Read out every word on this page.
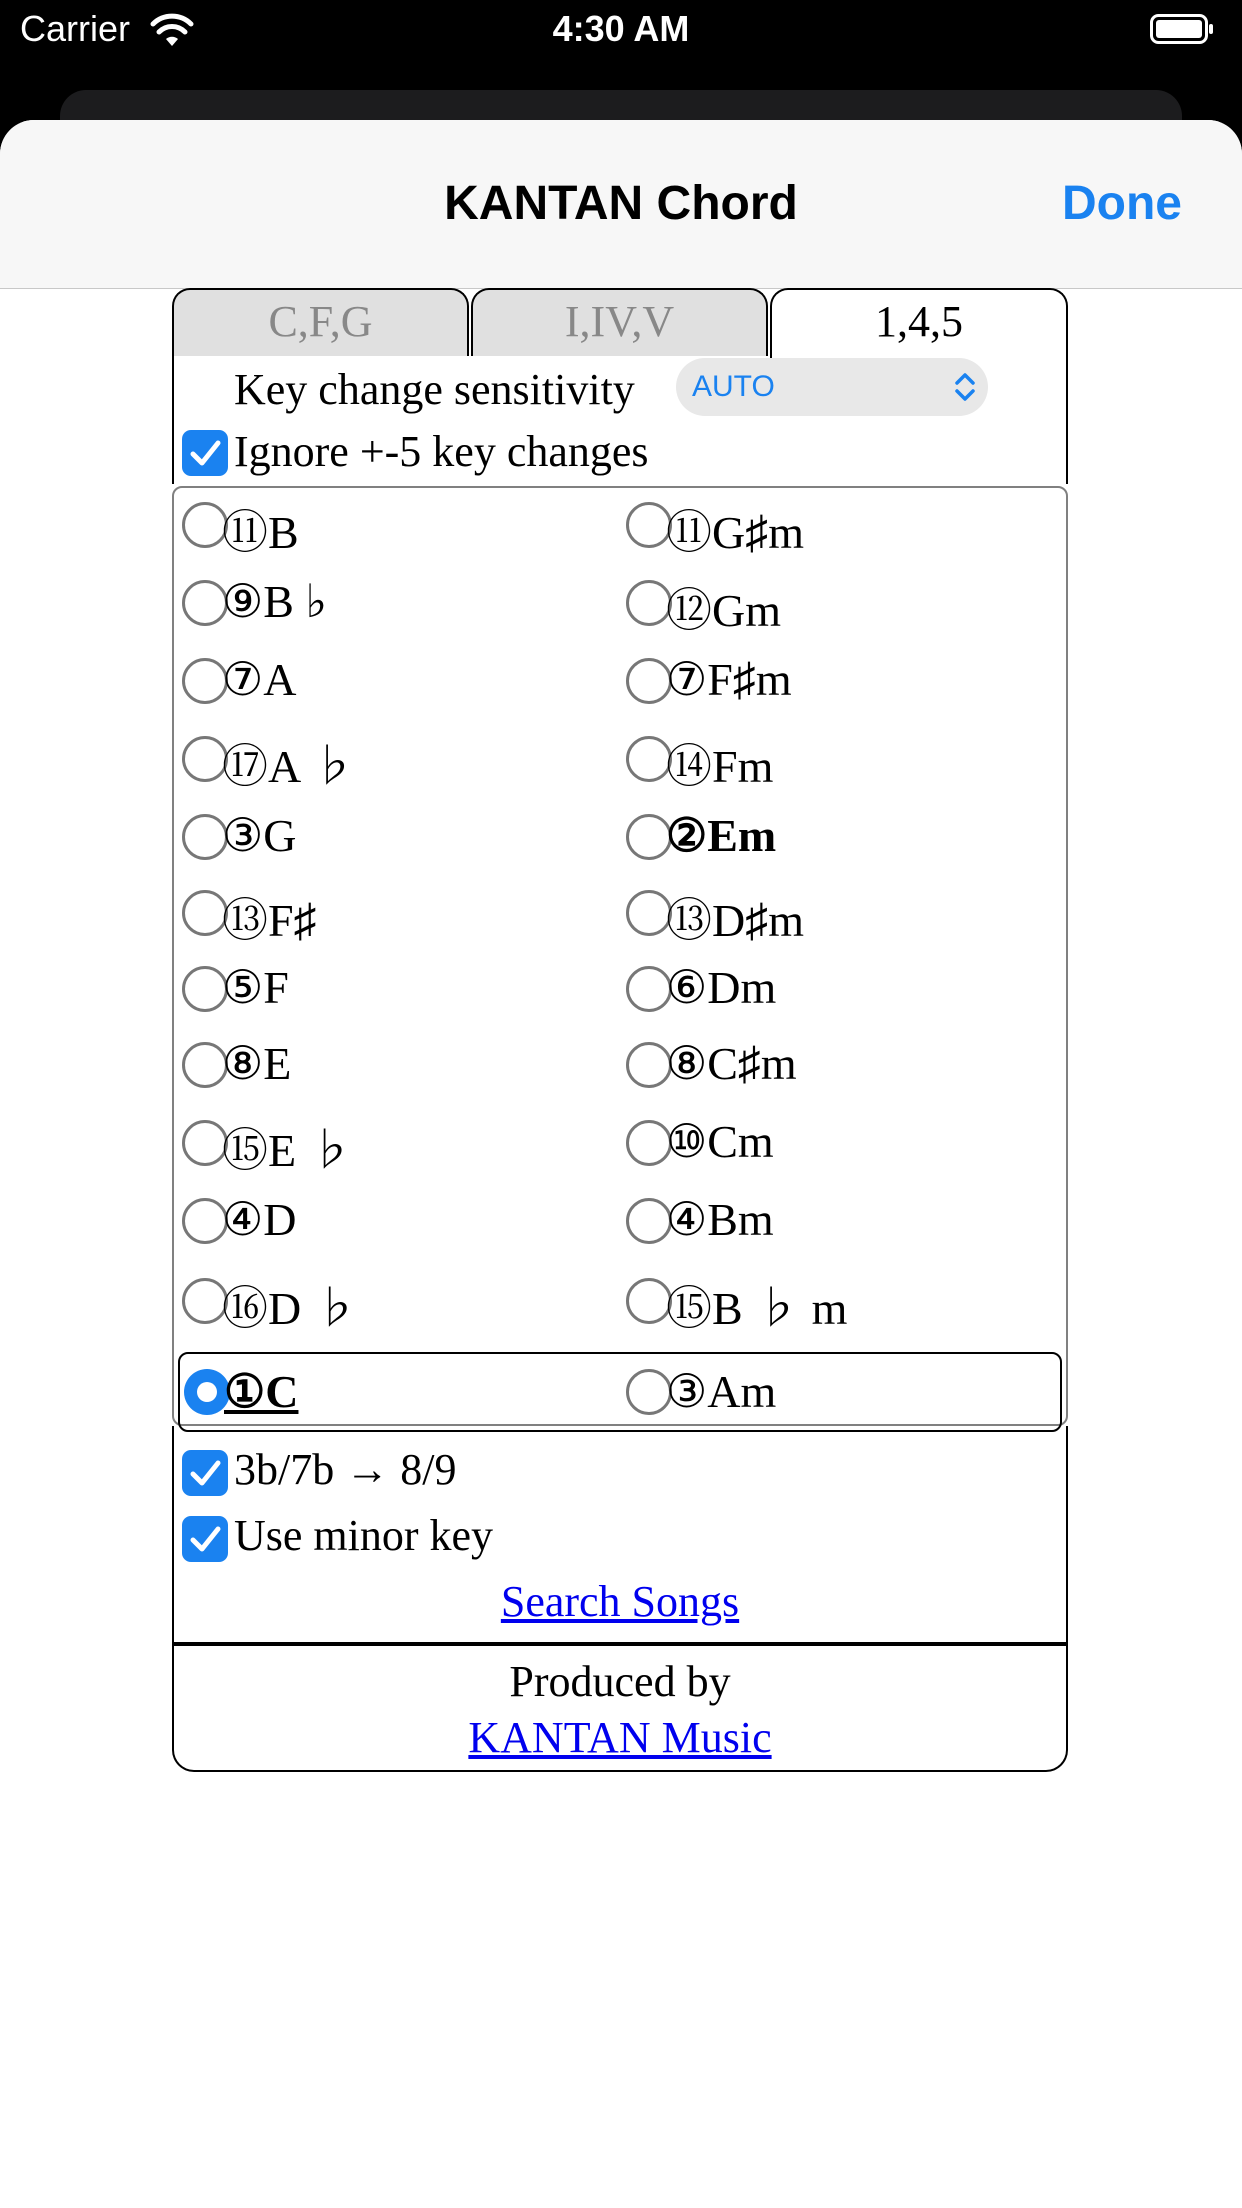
Carrier	4:30 AM
KANTAN Chord	Done
C,F,G	I,IV,V	1,4,5
Key change sensitivity	AUTO
Ignore +-5 key changes
⑪B	⑪G♯m
⑨B ♭	⑫Gm
⑦A	⑦F♯m
⑰A ♭	⑭Fm
③G	②Em
⑬F♯	⑬D♯m
⑤F	⑥Dm
⑧E	⑧C♯m
⑮E ♭	⑩Cm
④D	④Bm
⑯D ♭	⑮B ♭ m
①C	③Am
3b/7b → 8/9
Use minor key
Search Songs
Produced by
KANTAN Music
